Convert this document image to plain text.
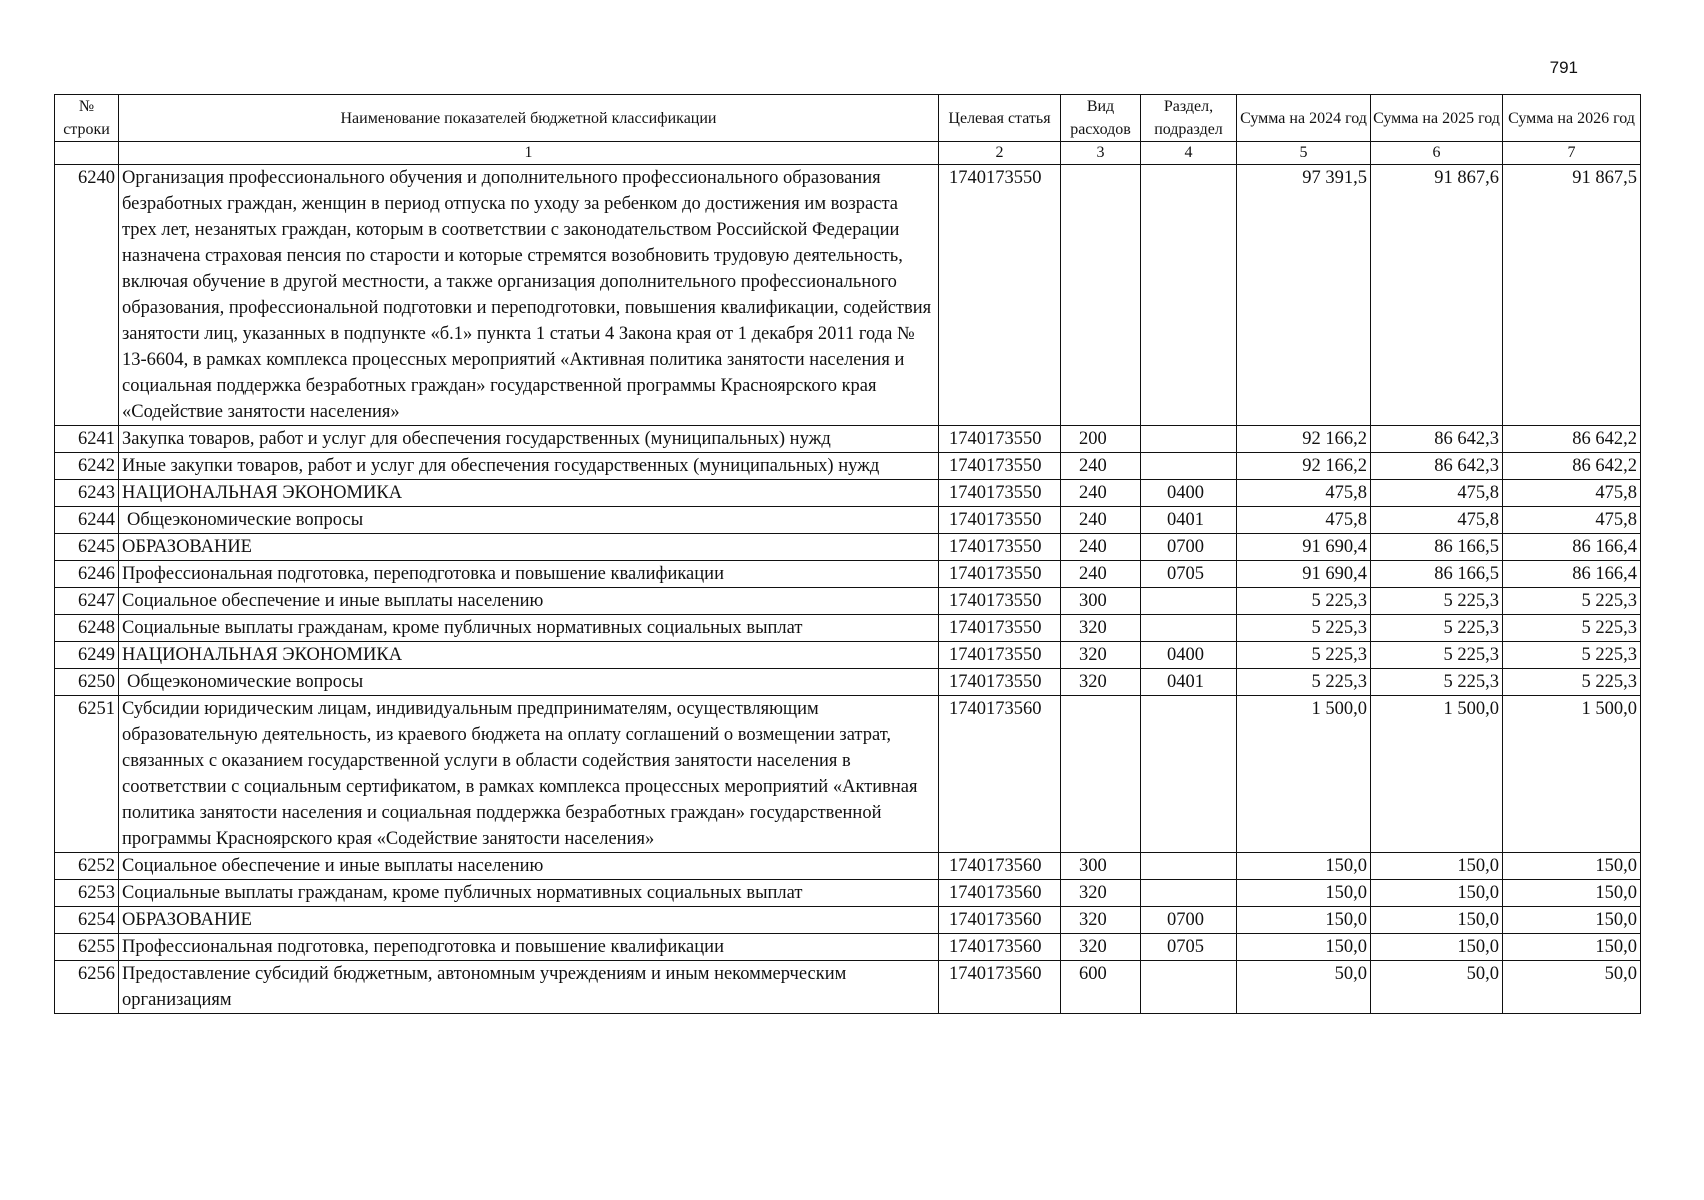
791
№ строки	Наименование показателей бюджетной классификации	Целевая статья	Вид расходов	Раздел, подраздел	Сумма на 2024 год	Сумма на 2025 год	Сумма на 2026 год
	1	2	3	4	5	6	7
6240	Организация профессионального обучения и дополнительного профессионального образования безработных граждан, женщин в период отпуска по уходу за ребенком до достижения им возраста трех лет, незанятых граждан, которым в соответствии с законодательством Российской Федерации назначена страховая пенсия по старости и которые стремятся возобновить трудовую деятельность, включая обучение в другой местности, а также организация дополнительного профессионального образования, профессиональной подготовки и переподготовки, повышения квалификации, содействия занятости лиц, указанных в подпункте «б.1» пункта 1 статьи 4 Закона края от 1 декабря 2011 года № 13-6604, в рамках комплекса процессных мероприятий «Активная политика занятости населения и социальная поддержка безработных граждан» государственной программы Красноярского края «Содействие занятости населения»	1740173550			97 391,5	91 867,6	91 867,5
6241	Закупка товаров, работ и услуг для обеспечения государственных (муниципальных) нужд	1740173550	200		92 166,2	86 642,3	86 642,2
6242	Иные закупки товаров, работ и услуг для обеспечения государственных (муниципальных) нужд	1740173550	240		92 166,2	86 642,3	86 642,2
6243	НАЦИОНАЛЬНАЯ ЭКОНОМИКА	1740173550	240	0400	475,8	475,8	475,8
6244	Общеэкономические вопросы	1740173550	240	0401	475,8	475,8	475,8
6245	ОБРАЗОВАНИЕ	1740173550	240	0700	91 690,4	86 166,5	86 166,4
6246	Профессиональная подготовка, переподготовка и повышение квалификации	1740173550	240	0705	91 690,4	86 166,5	86 166,4
6247	Социальное обеспечение и иные выплаты населению	1740173550	300		5 225,3	5 225,3	5 225,3
6248	Социальные выплаты гражданам, кроме публичных нормативных социальных выплат	1740173550	320		5 225,3	5 225,3	5 225,3
6249	НАЦИОНАЛЬНАЯ ЭКОНОМИКА	1740173550	320	0400	5 225,3	5 225,3	5 225,3
6250	Общеэкономические вопросы	1740173550	320	0401	5 225,3	5 225,3	5 225,3
6251	Субсидии юридическим лицам, индивидуальным предпринимателям, осуществляющим образовательную деятельность, из краевого бюджета на оплату соглашений о возмещении затрат, связанных с оказанием государственной услуги в области содействия занятости населения в соответствии с социальным сертификатом, в рамках комплекса процессных мероприятий «Активная политика занятости населения и социальная поддержка безработных граждан» государственной программы Красноярского края «Содействие занятости населения»	1740173560			1 500,0	1 500,0	1 500,0
6252	Социальное обеспечение и иные выплаты населению	1740173560	300		150,0	150,0	150,0
6253	Социальные выплаты гражданам, кроме публичных нормативных социальных выплат	1740173560	320		150,0	150,0	150,0
6254	ОБРАЗОВАНИЕ	1740173560	320	0700	150,0	150,0	150,0
6255	Профессиональная подготовка, переподготовка и повышение квалификации	1740173560	320	0705	150,0	150,0	150,0
6256	Предоставление субсидий бюджетным, автономным учреждениям и иным некоммерческим организациям	1740173560	600		50,0	50,0	50,0
